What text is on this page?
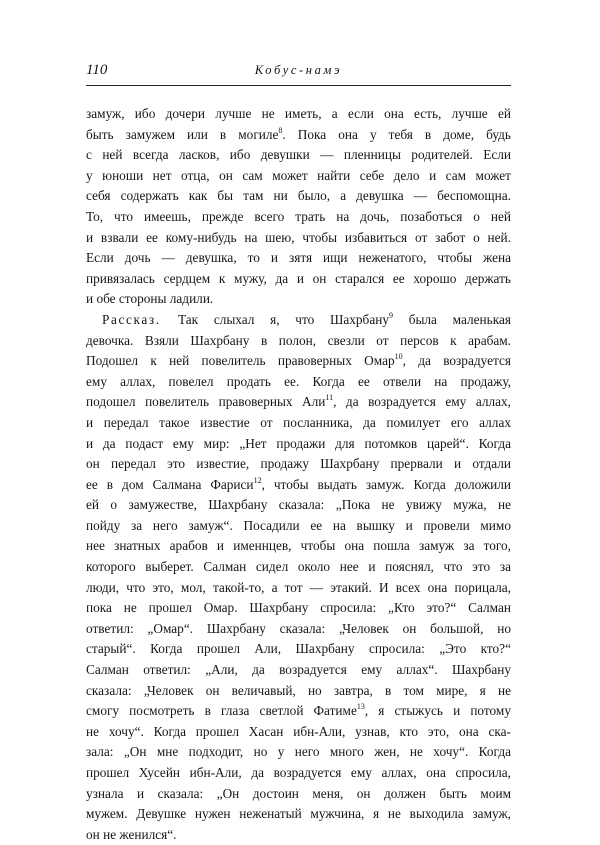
110	Кобус-намэ
замуж, ибо дочери лучше не иметь, а если она есть, лучше ей
быть замужем или в могиле$^8$. Пока она у тебя в доме, будь
с ней всегда ласков, ибо девушки — пленницы родителей. Если
у юноши нет отца, он сам может найти себе дело и сам может
себя содержать как бы там ни было, а девушка — беспомощна.
То, что имеешь, прежде всего трать на дочь, позаботься о ней
и взвали ее кому-нибудь на шею, чтобы избавиться от забот о ней.
Если дочь — девушка, то и зятя ищи неженатого, чтобы жена
привязалась сердцем к мужу, да и он старался ее хорошо держать
и обе стороны ладили.
Рассказ. Так слыхал я, что Шахрбану$^9$ была маленькая
девочка. Взяли Шахрбану в полон, свезли от персов к арабам.
Подошел к ней повелитель правоверных Омар$^{10}$, да возрадуется
ему аллах, повелел продать ее. Когда ее отвели на продажу,
подошел повелитель правоверных Али$^{11}$, да возрадуется ему аллах,
и передал такое известие от посланника, да помилует его аллах
и да подаст ему мир: „Нет продажи для потомков царей“. Когда
он передал это известие, продажу Шахрбану прервали и отдали
ее в дом Салмана Фариси$^{12}$, чтобы выдать замуж. Когда доложили
ей о замужестве, Шахрбану сказала: „Пока не увижу мужа, не
пойду за него замуж“. Посадили ее на вышку и провели мимо
нее знатных арабов и именнцев, чтобы она пошла замуж за того,
которого выберет. Салман сидел около нее и пояснял, что это за
люди, что это, мол, такой-то, а тот — этакий. И всех она порицала,
пока не прошел Омар. Шахрбану спросила: „Кто это?“ Салман
ответил: „Омар“. Шахрбану сказала: „Человек он большой, но
старый“. Когда прошел Али, Шахрбану спросила: „Это кто?“
Салман ответил: „Али, да возрадуется ему аллах“. Шахрбану
сказала: „Человек он величавый, но завтра, в том мире, я не
смогу посмотреть в глаза светлой Фатиме$^{13}$, я стыжусь и потому
не хочу“. Когда прошел Хасан ибн-Али, узнав, кто это, она ска-
зала: „Он мне подходит, но у него много жен, не хочу“. Когда
прошел Хусейн ибн-Али, да возрадуется ему аллах, она спросила,
узнала и сказала: „Он достоин меня, он должен быть моим
мужем. Девушке нужен неженатый мужчина, я не выходила замуж,
он не женился“.
